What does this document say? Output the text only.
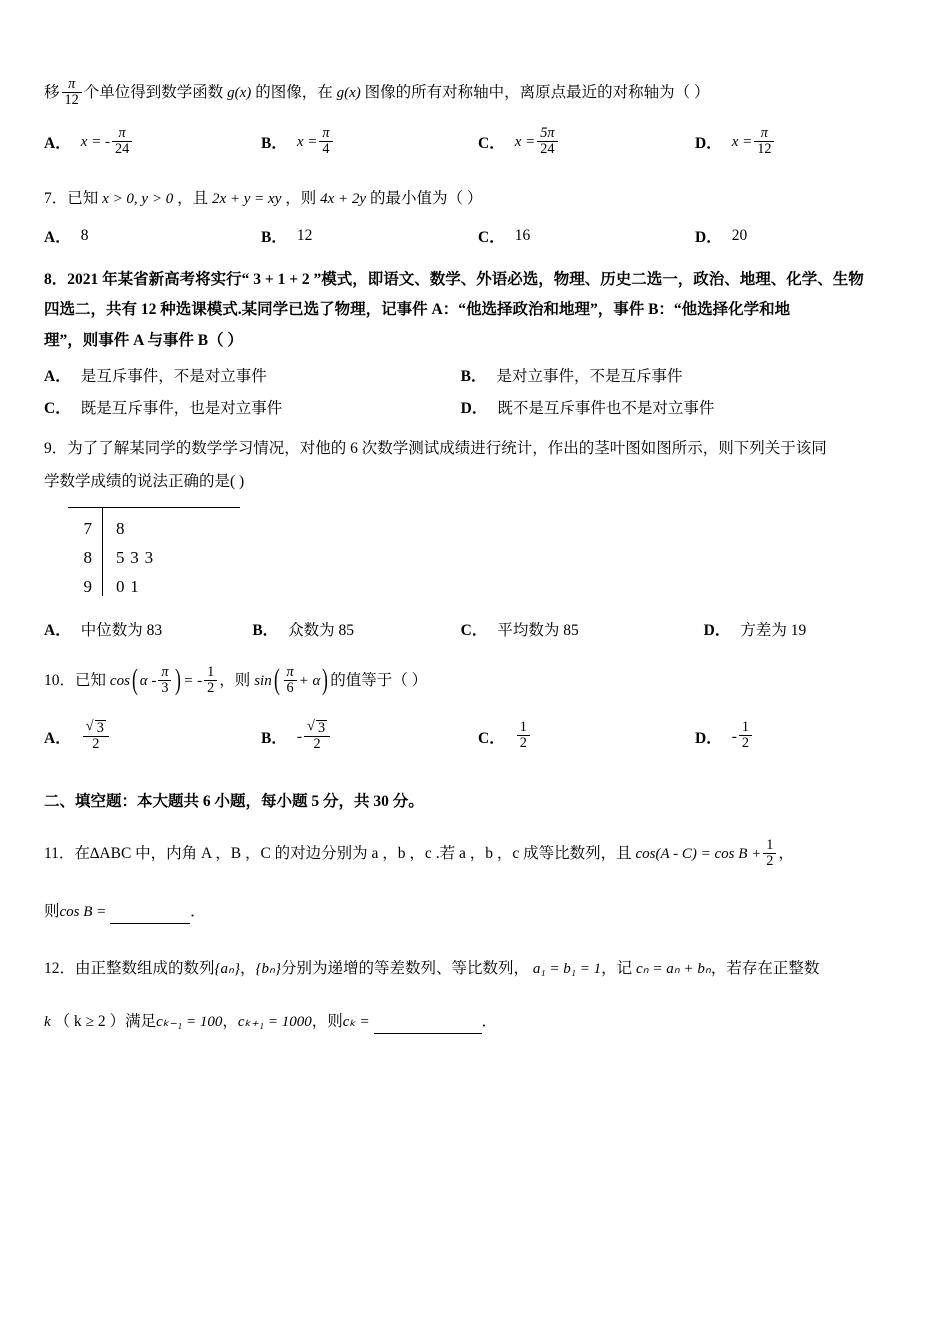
移 $\frac{\pi}{12}$ 个单位得到数学函数 g(x) 的图像，在 g(x) 图像的所有对称轴中，离原点最近的对称轴为（ ）
A． x = - $\frac{\pi}{24}$	B． $x = \frac{\pi}{4}$	C． $x = \frac{5\pi}{24}$	D． $x = \frac{\pi}{12}$
7．已知 x > 0, y > 0 ，且 2x + y = xy ，则 4x + 2y 的最小值为（ ）
A． 8	B． 12	C． 16	D． 20
8．2021 年某省新高考将实行“ 3 + 1 + 2 ”模式，即语文、数学、外语必选，物理、历史二选一，政治、地理、化学、生物
四选二，共有 12 种选课模式.某同学已选了物理，记事件 A：“他选择政治和地理”，事件 B：“他选择化学和地
理”，则事件 A 与事件 B（ ）
A． 是互斥事件，不是对立事件	B． 是对立事件，不是互斥事件
C． 既是互斥事件，也是对立事件	D． 既不是互斥事件也不是对立事件
9．为了了解某同学的数学学习情况，对他的 6 次数学测试成绩进行统计，作出的茎叶图如图所示，则下列关于该同
学数学成绩的说法正确的是( )
7	8
8	533
9	01
A． 中位数为 83	B． 众数为 85	C． 平均数为 85	D． 方差为 19
10．已知 cos( α - $\frac{\pi}{3}$ ) = - $\frac{1}{2}$ ，则 $\sin( \frac{\pi}{6} + \alpha)$ 的值等于（ ）
A． √ $\frac{3}{2}$	B． - √ $\frac{3}{2}$	C． $\frac{1}{2}$	D． - $\frac{1}{2}$
二、填空题：本大题共 6 小题，每小题 5 分，共 30 分。
11．在∆ABC 中，内角 A ，B ，C 的对边分别为 a ，b ，c .若 a ，b ，c 成等比数列，且 $\cos(A - C) = \cos B + \frac{1}{2}$ ，
则cos B =	．
12．由正整数组成的数列{aₙ}，{bₙ}分别为递增的等差数列、等比数列， a₁ = b₁ = 1，记 cₙ = aₙ + bₙ，若存在正整数
k （ k ≥ 2 ）满足cₖ₋₁ = 100，cₖ₊₁ = 1000，则cₖ =	．
